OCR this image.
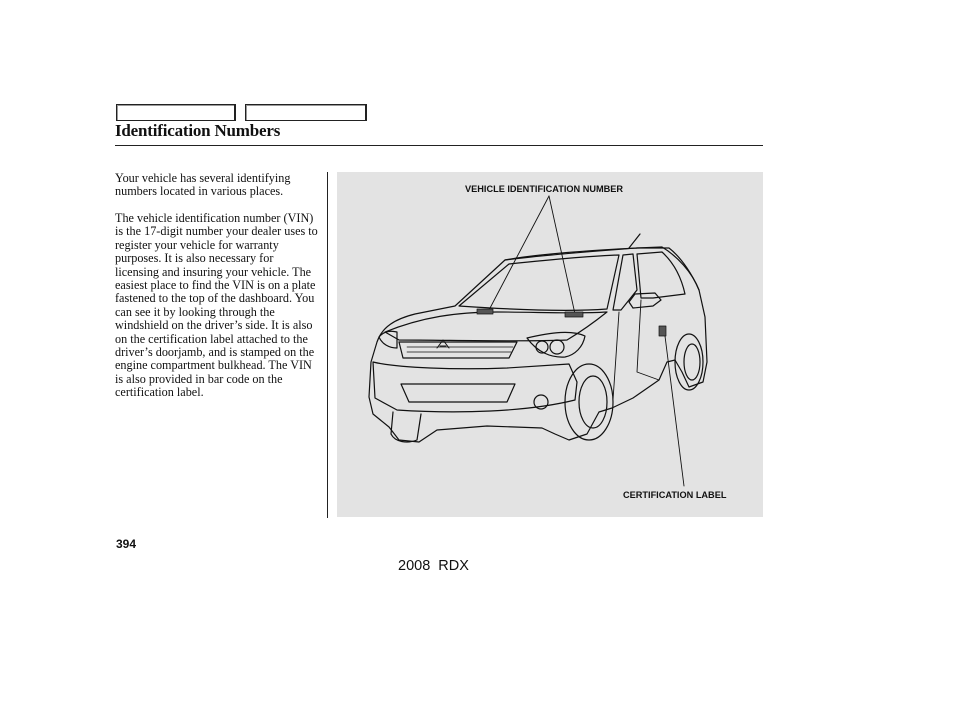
Identification Numbers
Your vehicle has several identifying numbers located in various places.
The vehicle identification number (VIN) is the 17-digit number your dealer uses to register your vehicle for warranty purposes. It is also necessary for licensing and insuring your vehicle. The easiest place to find the VIN is on a plate fastened to the top of the dashboard. You can see it by looking through the windshield on the driver’s side. It is also on the certification label attached to the driver’s doorjamb, and is stamped on the engine compartment bulkhead. The VIN is also provided in bar code on the certification label.
VEHICLE IDENTIFICATION NUMBER
CERTIFICATION LABEL
394
2008 RDX
